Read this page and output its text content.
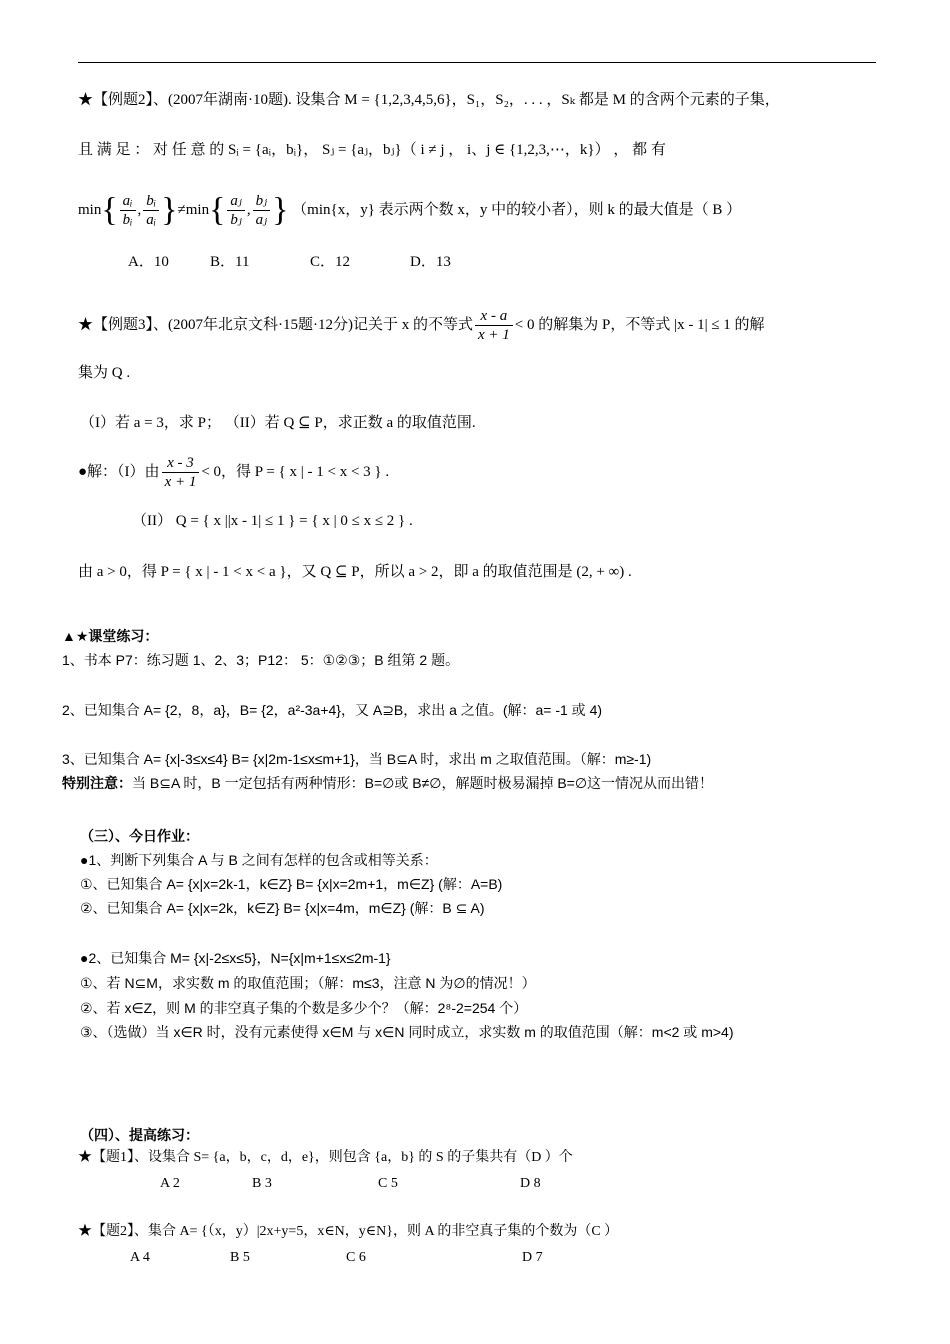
★【例题2】、(2007年湖南·10题). 设集合 M = {1,2,3,4,5,6}，S₁，S₂，. . . ，Sₖ 都是 M 的含两个元素的子集，
且 满 足 ： 对 任 意 的 Sᵢ = {aᵢ，bᵢ}， Sⱼ = {aⱼ，bⱼ}（ i ≠ j ， i、j ∈ {1,2,3,⋯，k}） ， 都 有
$\min\{ \frac{\text{aᵢ}}{\text{bᵢ}}$ , $\frac{\text{bᵢ}}{\text{aᵢ}} \}\ne\min\{ \frac{\text{aⱼ}}{\text{bⱼ}}$ , $\frac{\text{bⱼ}}{\text{aⱼ}}$ } （min{x，y} 表示两个数 x，y 中的较小者），则 k 的最大值是（ B ）
A．10	B．11	C．12	D．13
★【例题3】、(2007年北京文科·15题·12分)记关于 x 的不等式 $\frac{x - a}{x + 1} < 0$ 的解集为 P，不等式 |x - 1| ≤ 1 的解
集为 Q .
（I）若 a = 3，求 P； （II）若 Q ⊆ P，求正数 a 的取值范围.
●解：（I）由 $\frac{x - 3}{x + 1} < 0$，得 P = { x | - 1 < x < 3 } .
（II） Q = { x ||x - 1| ≤ 1 } = { x | 0 ≤ x ≤ 2 } .
由 a > 0，得 P = { x | - 1 < x < a }，又 Q ⊆ P，所以 a > 2，即 a 的取值范围是 (2, + ∞) .
▲★课堂练习：
1、书本 P7：练习题 1、2、3；P12： 5：①②③；B 组第 2 题。
2、已知集合 A= {2，8，a}，B= {2，a²-3a+4}，又 A⊇B，求出 a 之值。(解：a= -1 或 4)
3、已知集合 A= {x|-3≤x≤4} B= {x|2m-1≤x≤m+1}，当 B⊆A 时，求出 m 之取值范围。（解：m≥-1)
特别注意：当 B⊆A 时，B 一定包括有两种情形：B=∅或 B≠∅，解题时极易漏掉 B=∅这一情况从而出错！
（三）、今日作业：
●1、判断下列集合 A 与 B 之间有怎样的包含或相等关系：
①、已知集合 A= {x|x=2k-1，k∈Z} B= {x|x=2m+1，m∈Z} (解：A=B)
②、已知集合 A= {x|x=2k，k∈Z} B= {x|x=4m，m∈Z} (解：B ⊆ A)
●2、已知集合 M= {x|-2≤x≤5}，N={x|m+1≤x≤2m-1}
①、若 N⊆M，求实数 m 的取值范围；（解：m≤3，注意 N 为∅的情况！）
②、若 x∈Z，则 M 的非空真子集的个数是多少个？（解：2⁸-2=254 个）
③、（选做）当 x∈R 时，没有元素使得 x∈M 与 x∈N 同时成立，求实数 m 的取值范围（解：m<2 或 m>4)
（四）、提高练习：
★【题1】、设集合 S= {a，b，c，d，e}，则包含 {a，b} 的 S 的子集共有（D ）个
A 2	B 3	C 5	D 8
★【题2】、集合 A= {（x，y）|2x+y=5，x∈N，y∈N}，则 A 的非空真子集的个数为（C ）
A 4	B 5	C 6	D 7
